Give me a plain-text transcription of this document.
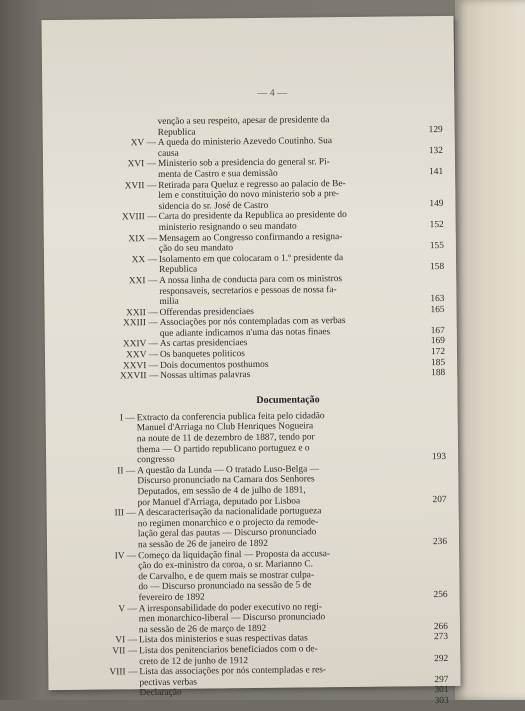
— 4 —
venção a seu respeito, apesar de presidente da
Republica	129
XV — A queda do ministerio Azevedo Coutinho. Sua
causa	132
XVI — Ministerio sob a presidencia do general sr. Pi-
menta de Castro e sua demissão	141
XVII — Retirada para Queluz e regresso ao palacio de Be-
lem e constituição do novo ministerio sob a pre-
sidencia do sr. José de Castro	149
XVIII — Carta do presidente da Republica ao presidente do
ministerio resignando o seu mandato	152
XIX — Mensagem ao Congresso confirmando a resigna-
ção do seu mandato	155
XX — Isolamento em que colocaram o 1.º presidente da
Republica	158
XXI — A nossa linha de conducta para com os ministros
responsaveis, secretarios e pessoas de nossa fa-
milia	163
XXII — Offerendas presidenciaes	165
XXIII — Associações por nós contempladas com as verbas
que adiante indicamos n'uma das notas finaes	167
XXIV — As cartas presidenciaes	169
XXV — Os banquetes politicos	172
XXVI — Dois documentos posthumos	185
XXVII — Nossas ultimas palavras	188
Documentação
I — Extracto da conferencia publica feita pelo cidadão
Manuel d'Arriaga no Club Henriques Nogueira
na noute de 11 de dezembro de 1887, tendo por
thema — O partido republicano portuguez e o
congresso	193
II — A questão da Lunda — O tratado Luso-Belga —
Discurso pronunciado na Camara dos Senhores
Deputados, em sessão de 4 de julho de 1891,
por Manuel d'Arriaga, deputado por Lisboa	207
III — A descaracterisação da nacionalidade portugueza
no regimen monarchico e o projecto da remode-
lação geral das pautas — Discurso pronunciado
na sessão de 26 de janeiro de 1892	236
IV — Começo da liquidação final — Proposta da accusa-
ção do ex-ministro da coroa, o sr. Marianno C.
de Carvalho, e de quem mais se mostrar culpa-
do — Discurso pronunciado na sessão de 5 de
fevereiro de 1892	256
V — A irresponsabilidade do poder executivo no regi-
men monarchico-liberal — Discurso pronunciado
na sessão de 26 de março de 1892	266
VI — Lista dos ministerios e suas respectivas datas	273
VII — Lista dos penitenciarios beneficiados com o de-
creto de 12 de junho de 1912	292
VIII — Lista das associações por nós contempladas e res-
pectivas verbas	297
Declaração	301
303
